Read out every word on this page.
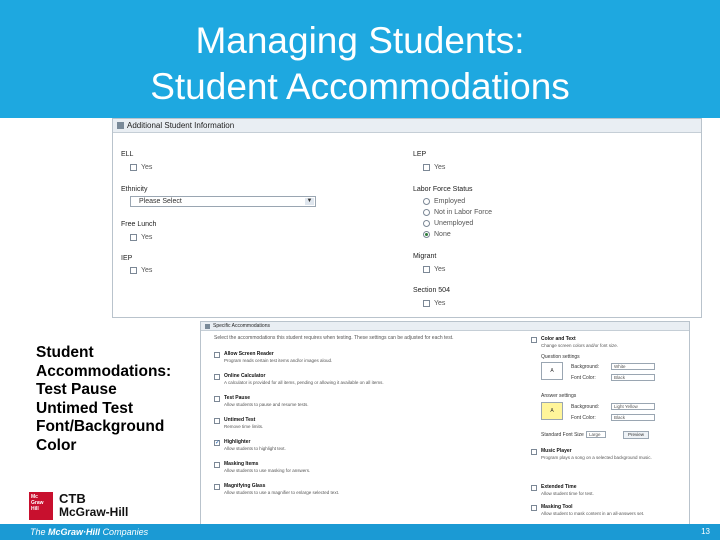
Managing Students:
Student Accommodations
Additional Student Information
ELL
Yes
LEP
Yes
Ethnicity
Please Select	▼
Labor Force Status
Employed
Not in Labor Force
Unemployed
None
Free Lunch
Yes
IEP
Yes
Migrant
Yes
Section 504
Yes
Specific Accommodations
Select the accommodations this student requires when testing. These settings can be adjusted for each test.
Allow Screen Reader
Program reads certain test items and/or images aloud.
Online Calculator
A calculator is provided for all items, pending or allowing it available on all items.
Test Pause
Allow students to pause and resume tests.
Untimed Test
Remove time limits.
✓
Highlighter
Allow students to highlight text.
Masking Items
Allow students to use masking for answers.
Magnifying Glass
Allow students to use a magnifier to enlarge selected text.
Color and Text
Change screen colors and/or font size.
Question settings
A
Background:	White
Font Color:	Black
Answer settings
A
Background:	Light Yellow
Font Color:	Black
Standard Font Size	Large	Preview
Music Player
Program plays a song on a selected background music.
Extended Time
Allow student time for test.
Masking Tool
Allow student to mask content in an all-answers set.
Student
Accommodations:
Test Pause
Untimed Test
Font/Background
Color
Mc Graw Hill
CTB
McGraw-Hill
The McGraw·Hill Companies	13
